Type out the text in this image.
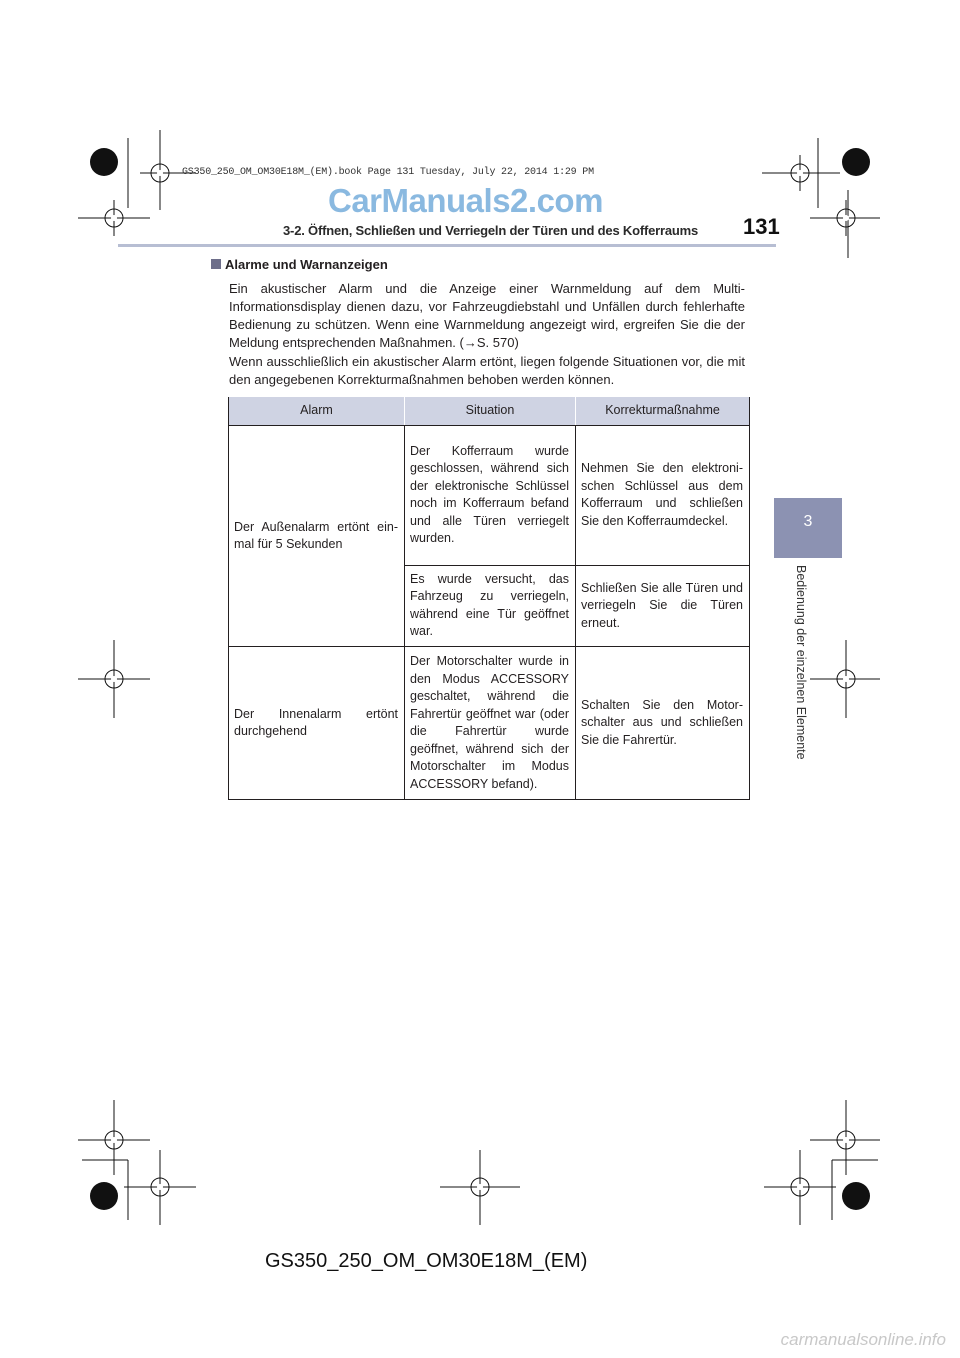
GS350_250_OM_OM30E18M_(EM).book Page 131 Tuesday, July 22, 2014 1:29 PM
CarManuals2.com
131
3-2. Öffnen, Schließen und Verriegeln der Türen und des Kofferraums
3
Bedienung der einzelnen Elemente
Alarme und Warnanzeigen
Ein akustischer Alarm und die Anzeige einer Warnmeldung auf dem Multi-Informationsdisplay dienen dazu, vor Fahrzeugdiebstahl und Unfällen durch fehlerhafte Bedienung zu schützen. Wenn eine Warnmeldung angezeigt wird, ergreifen Sie die der Meldung entsprechenden Maßnahmen. (→S. 570)
Wenn ausschließlich ein akustischer Alarm ertönt, liegen folgende Situationen vor, die mit den angegebenen Korrekturmaßnahmen behoben werden können.
Alarm	Situation	Korrekturmaßnahme
Der Außenalarm ertönt einmal für 5 Sekunden	Der Kofferraum wurde geschlossen, während sich der elektronische Schlüssel noch im Kofferraum befand und alle Türen verriegelt wurden.	Nehmen Sie den elektronischen Schlüssel aus dem Kofferraum und schließen Sie den Kofferraumdeckel.
	Es wurde versucht, das Fahrzeug zu verriegeln, während eine Tür geöffnet war.	Schließen Sie alle Türen und verriegeln Sie die Türen erneut.
Der Innenalarm ertönt durchgehend	Der Motorschalter wurde in den Modus ACCESSORY geschaltet, während die Fahrertür geöffnet war (oder die Fahrertür wurde geöffnet, während sich der Motorschalter im Modus ACCESSORY befand).	Schalten Sie den Motorschalter aus und schließen Sie die Fahrertür.
GS350_250_OM_OM30E18M_(EM)
carmanualsonline.info
